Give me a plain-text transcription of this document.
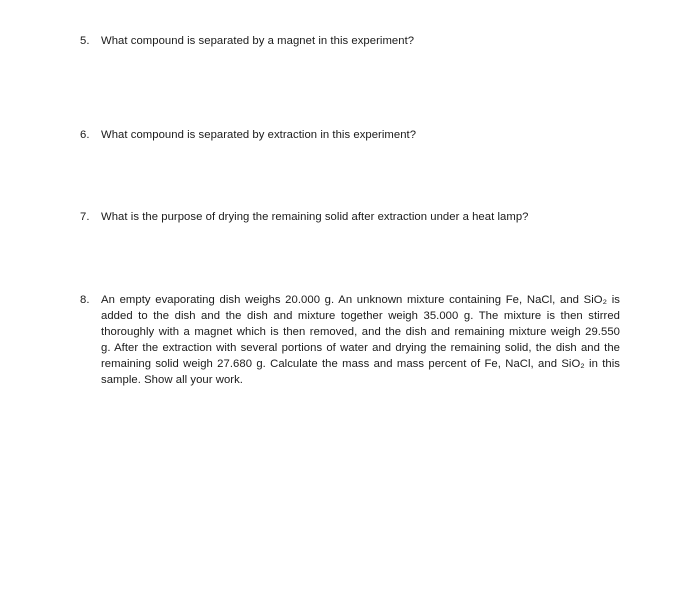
5.	What compound is separated by a magnet in this experiment?
6.	What compound is separated by extraction in this experiment?
7.	What is the purpose of drying the remaining solid after extraction under a heat lamp?
8.	An empty evaporating dish weighs 20.000 g. An unknown mixture containing Fe, NaCl, and SiO₂ is
added to the dish and the dish and mixture together weigh 35.000 g. The mixture is then stirred
thoroughly with a magnet which is then removed, and the dish and remaining mixture weigh 29.550
g. After the extraction with several portions of water and drying the remaining solid, the dish and the
remaining solid weigh 27.680 g. Calculate the mass and mass percent of Fe, NaCl, and SiO₂ in this
sample. Show all your work.
